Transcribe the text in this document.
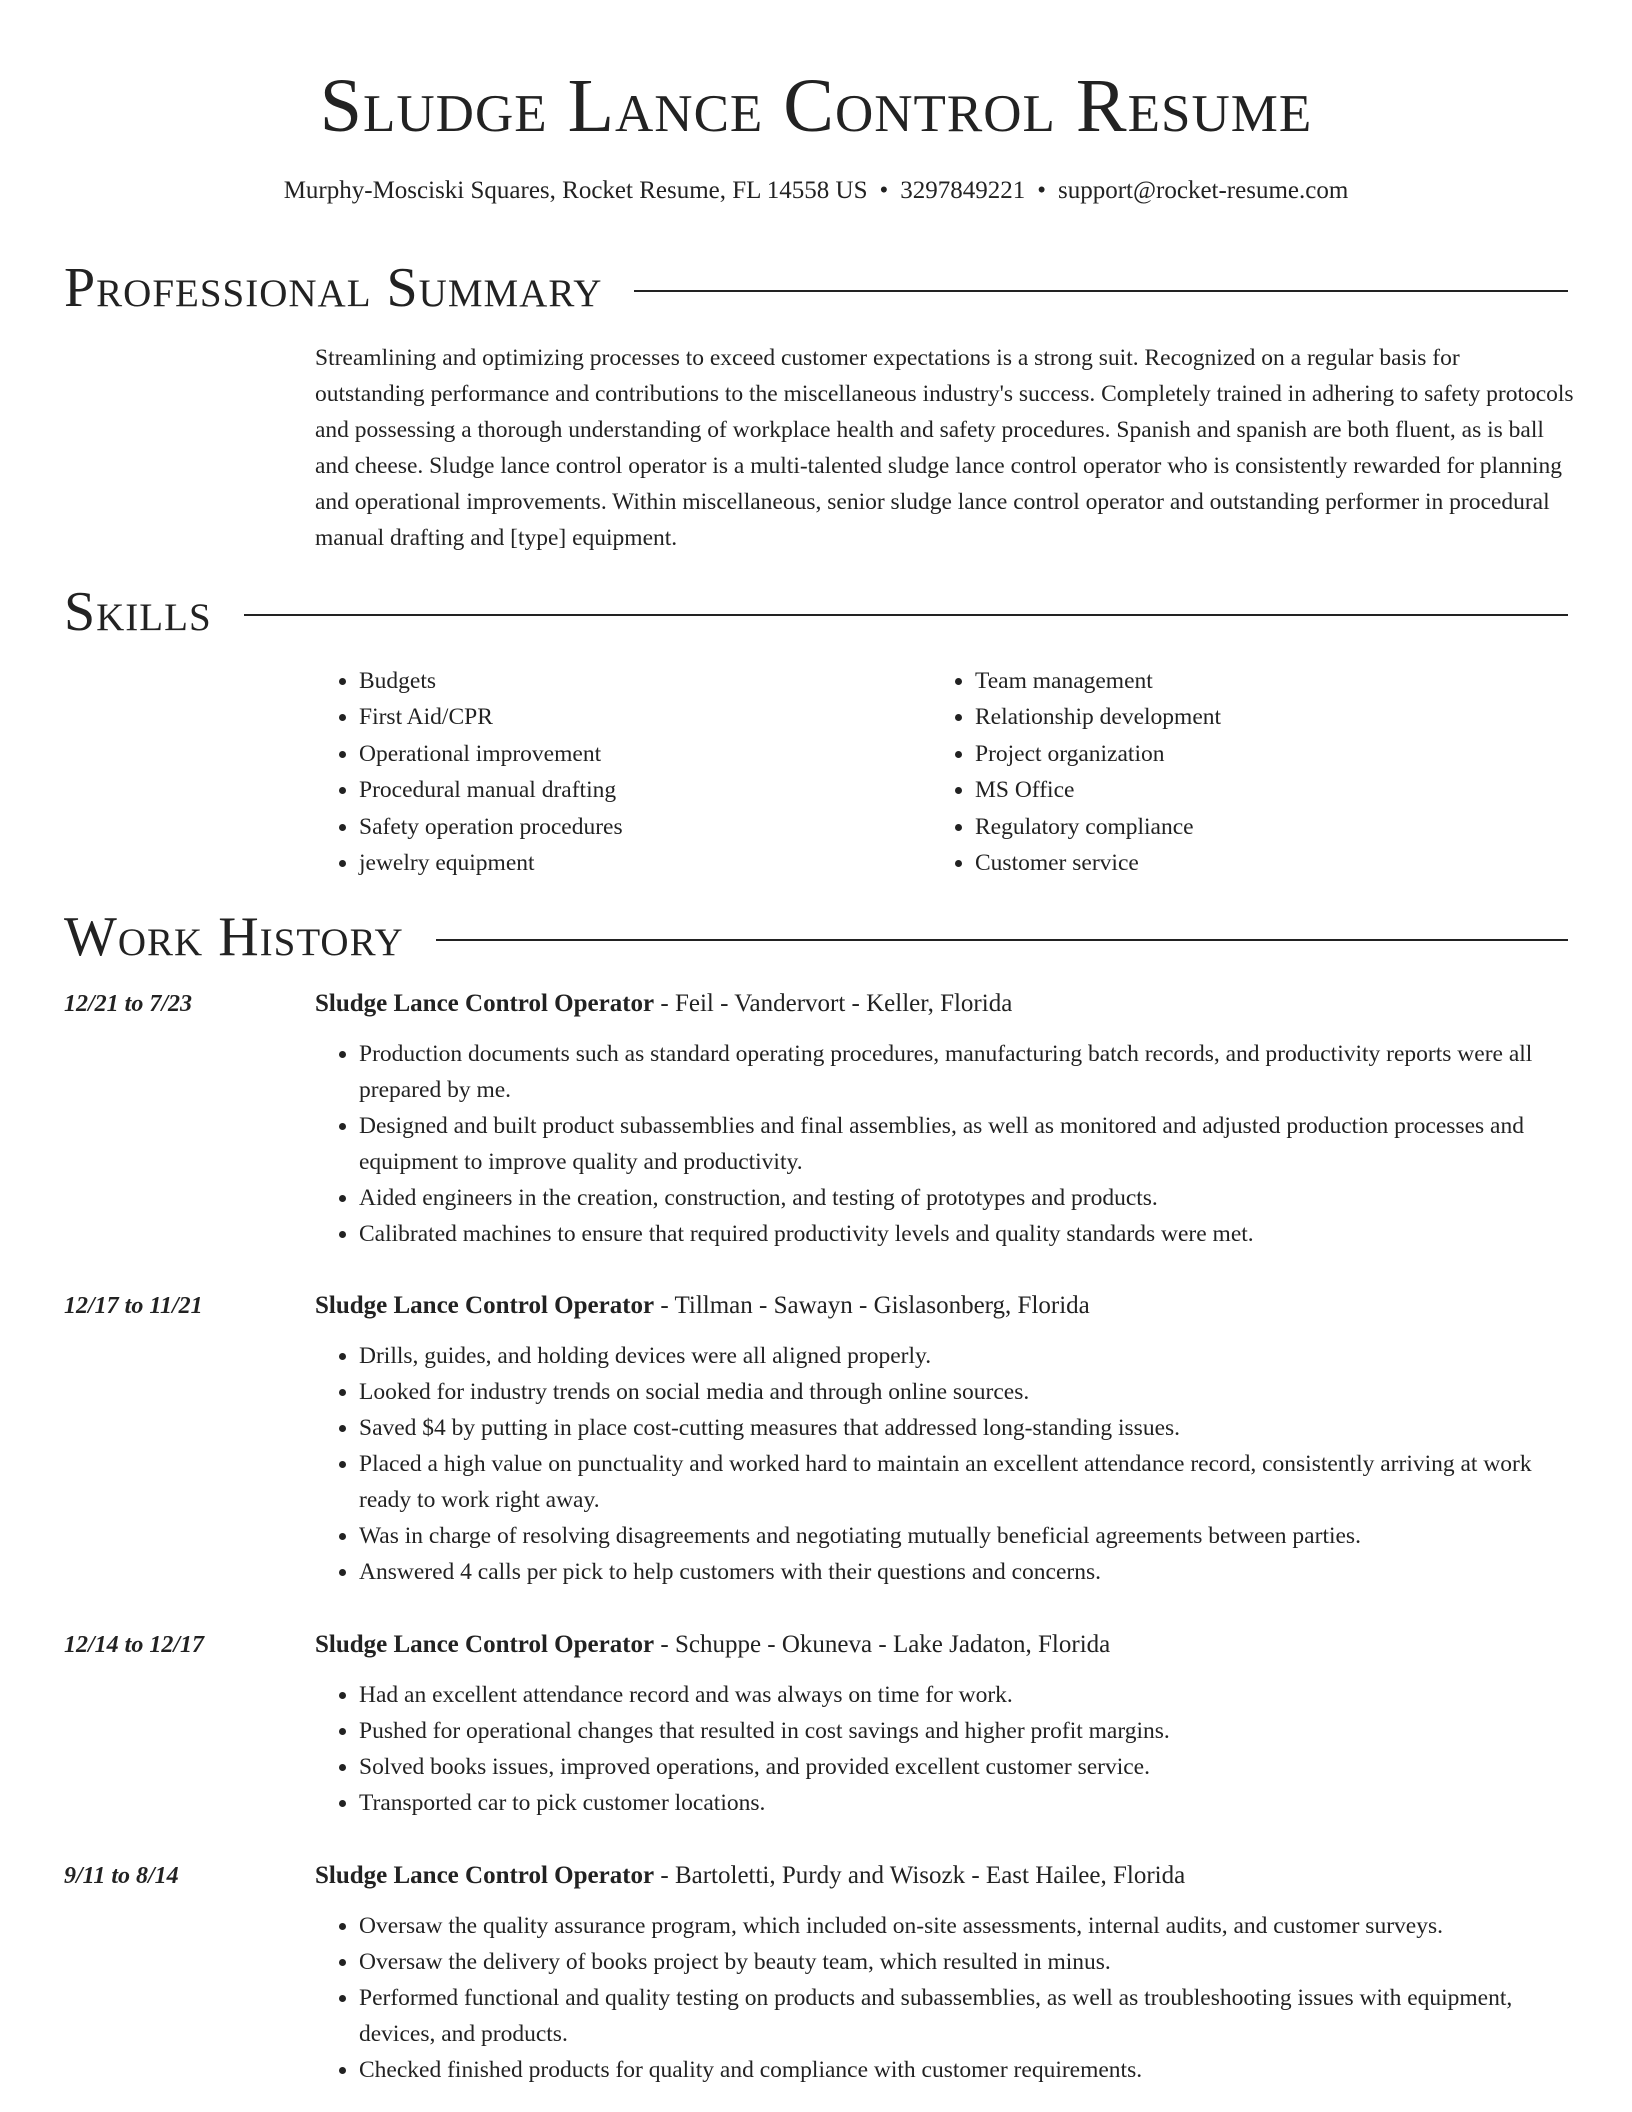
Sludge Lance Control Resume
Murphy-Mosciski Squares, Rocket Resume, FL 14558 US • 3297849221 • support@rocket-resume.com
Professional Summary

Streamlining and optimizing processes to exceed customer expectations is a strong suit. Recognized on a regular basis for outstanding performance and contributions to the miscellaneous industry's success. Completely trained in adhering to safety protocols and possessing a thorough understanding of workplace health and safety procedures. Spanish and spanish are both fluent, as is ball and cheese. Sludge lance control operator is a multi-talented sludge lance control operator who is consistently rewarded for planning and operational improvements. Within miscellaneous, senior sludge lance control operator and outstanding performer in procedural manual drafting and [type] equipment.

Skills
• Budgets
• First Aid/CPR
• Operational improvement
• Procedural manual drafting
• Safety operation procedures
• jewelry equipment
• Team management
• Relationship development
• Project organization
• MS Office
• Regulatory compliance
• Customer service
Work History
12/21 to 7/23	Sludge Lance Control Operator - Feil - Vandervort - Keller, Florida
• Production documents such as standard operating procedures, manufacturing batch records, and productivity reports were all prepared by me.
• Designed and built product subassemblies and final assemblies, as well as monitored and adjusted production processes and equipment to improve quality and productivity.
• Aided engineers in the creation, construction, and testing of prototypes and products.
• Calibrated machines to ensure that required productivity levels and quality standards were met.
12/17 to 11/21	Sludge Lance Control Operator - Tillman - Sawayn - Gislasonberg, Florida
• Drills, guides, and holding devices were all aligned properly.
• Looked for industry trends on social media and through online sources.
• Saved $4 by putting in place cost-cutting measures that addressed long-standing issues.
• Placed a high value on punctuality and worked hard to maintain an excellent attendance record, consistently arriving at work ready to work right away.
• Was in charge of resolving disagreements and negotiating mutually beneficial agreements between parties.
• Answered 4 calls per pick to help customers with their questions and concerns.
12/14 to 12/17	Sludge Lance Control Operator - Schuppe - Okuneva - Lake Jadaton, Florida
• Had an excellent attendance record and was always on time for work.
• Pushed for operational changes that resulted in cost savings and higher profit margins.
• Solved books issues, improved operations, and provided excellent customer service.
• Transported car to pick customer locations.
9/11 to 8/14	Sludge Lance Control Operator - Bartoletti, Purdy and Wisozk - East Hailee, Florida
• Oversaw the quality assurance program, which included on-site assessments, internal audits, and customer surveys.
• Oversaw the delivery of books project by beauty team, which resulted in minus.
• Performed functional and quality testing on products and subassemblies, as well as troubleshooting issues with equipment, devices, and products.
• Checked finished products for quality and compliance with customer requirements.
